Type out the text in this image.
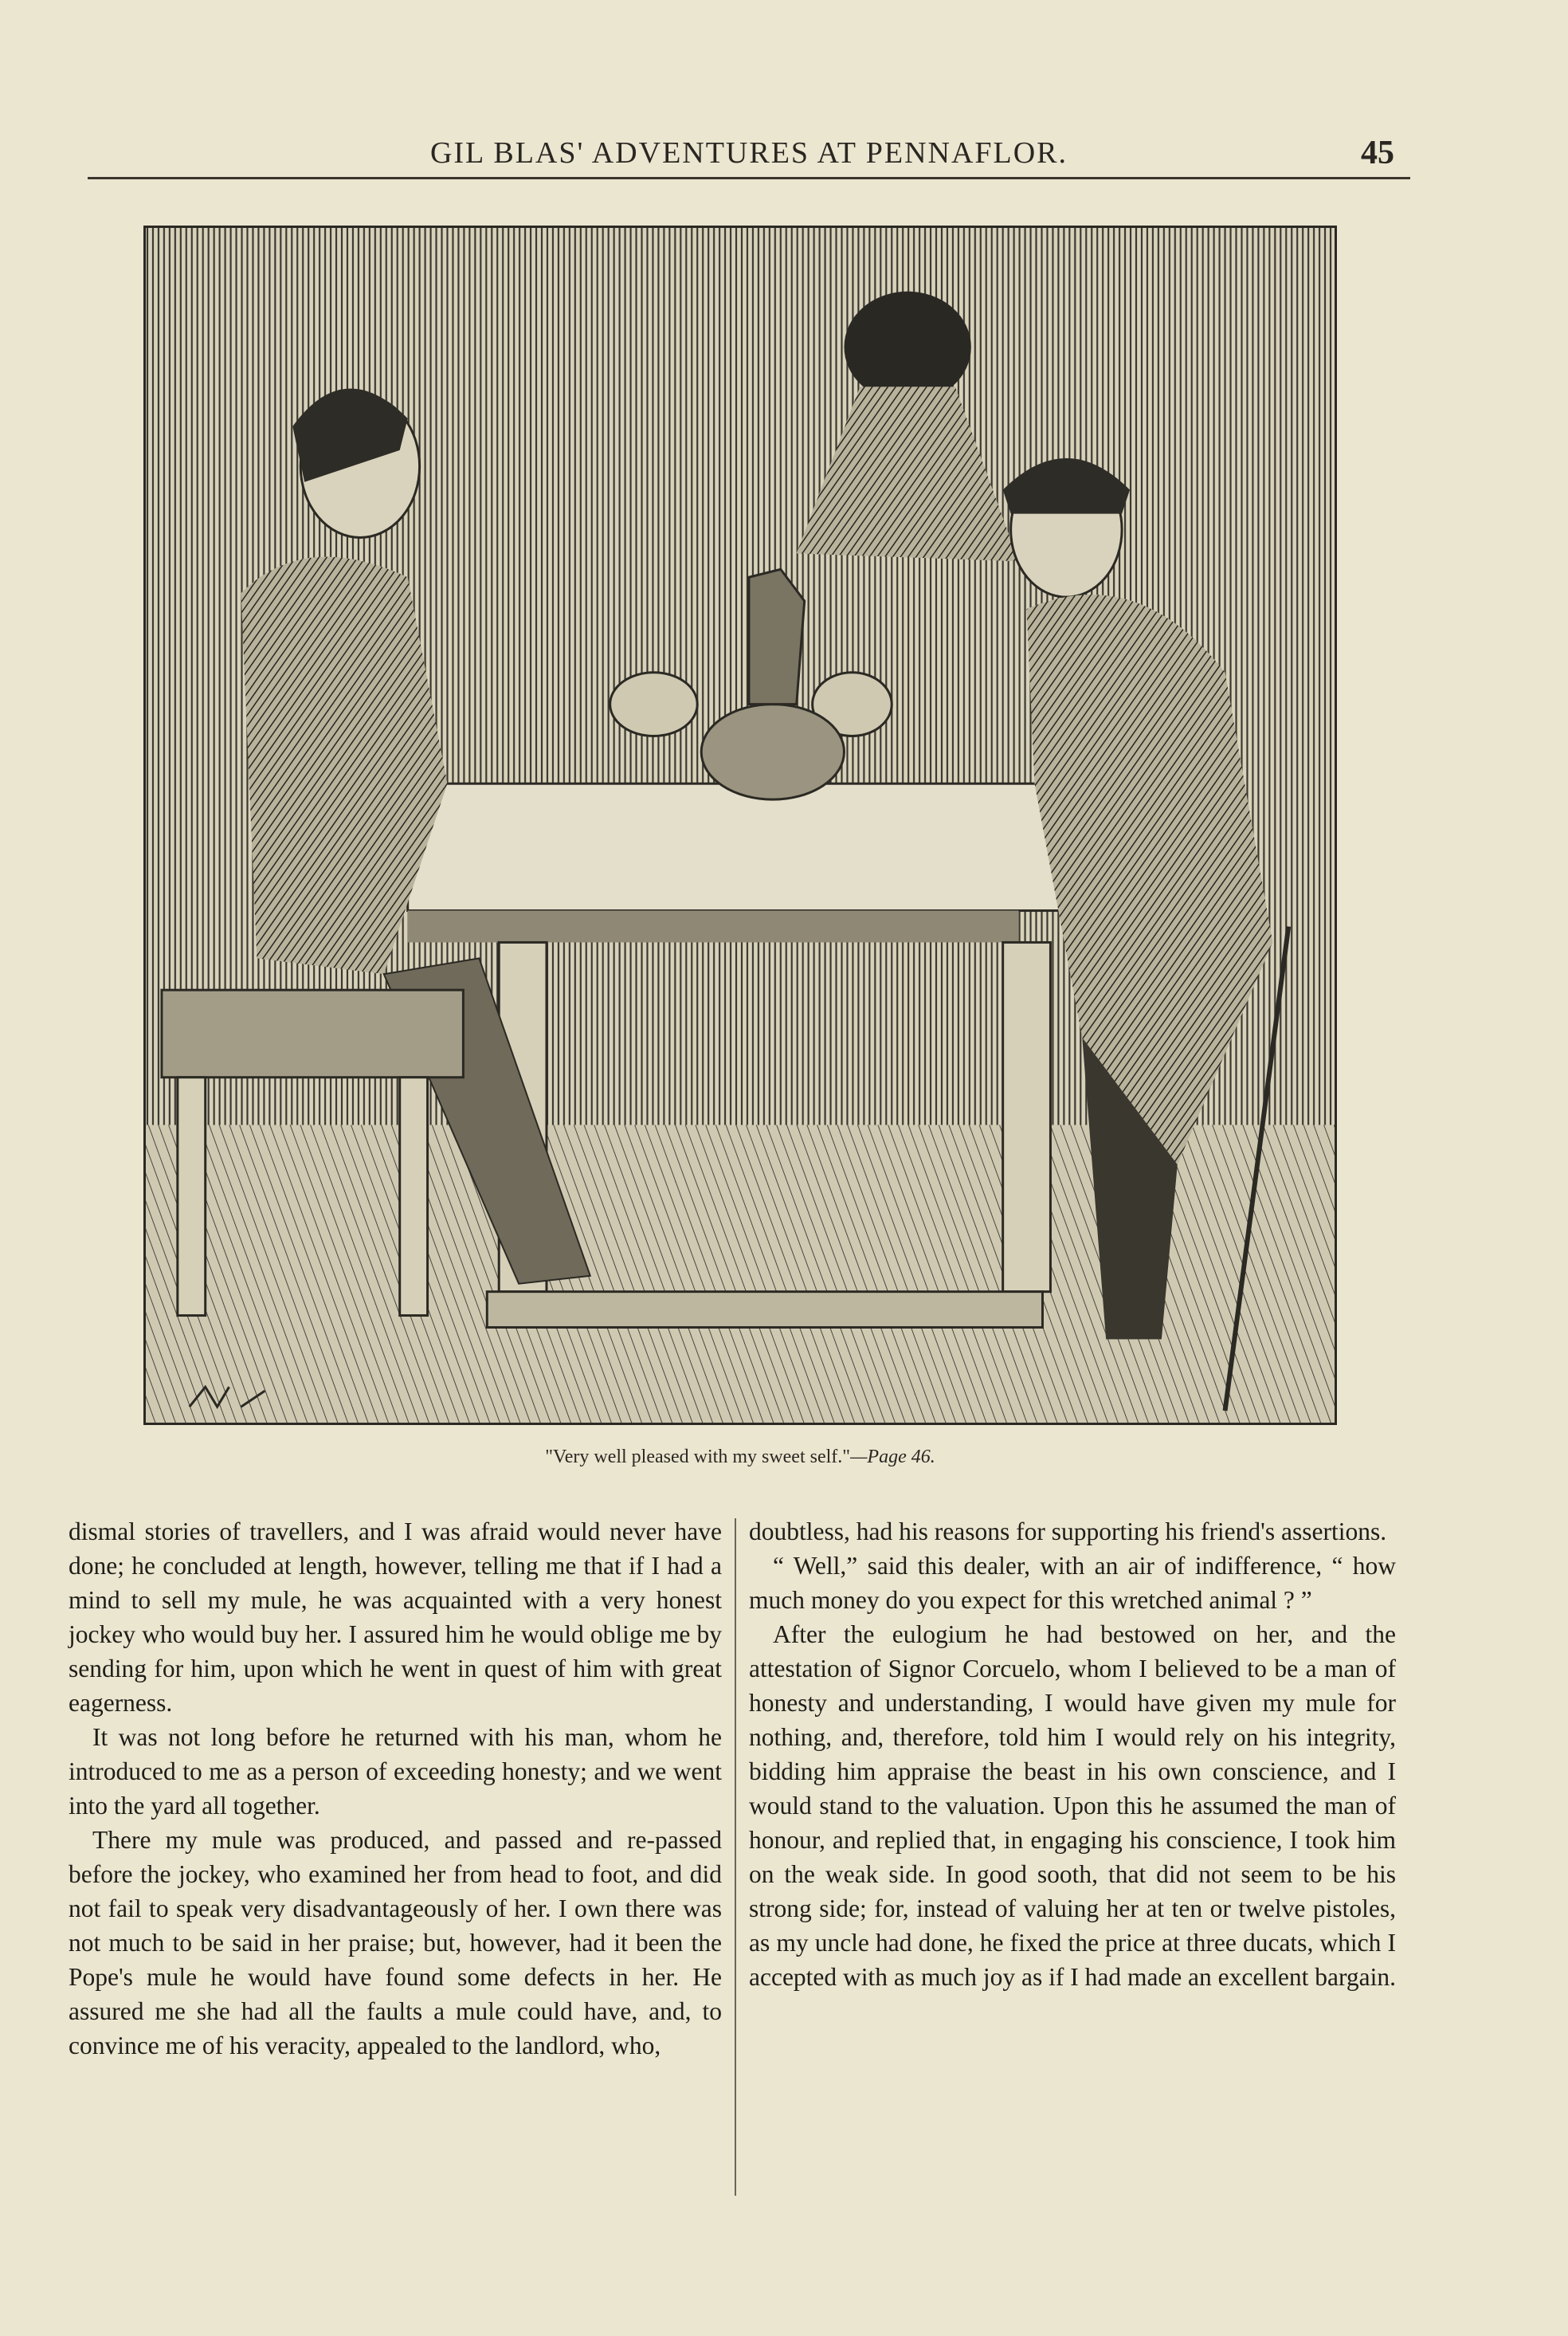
GIL BLAS' ADVENTURES AT PENNAFLOR.	45
"Very well pleased with my sweet self."—Page 46.

dismal stories of travellers, and I was afraid would never have done; he concluded at length, however, telling me that if I had a mind to sell my mule, he was acquainted with a very honest jockey who would buy her. I assured him he would oblige me by sending for him, upon which he went in quest of him with great eagerness.

It was not long before he returned with his man, whom he introduced to me as a person of exceeding honesty; and we went into the yard all together.

There my mule was produced, and passed and re-passed before the jockey, who examined her from head to foot, and did not fail to speak very disadvantageously of her. I own there was not much to be said in her praise; but, however, had it been the Pope's mule he would have found some defects in her. He assured me she had all the faults a mule could have, and, to convince me of his veracity, appealed to the landlord, who,

doubtless, had his reasons for supporting his friend's assertions.

“ Well,” said this dealer, with an air of indifference, “ how much money do you expect for this wretched animal ? ”

After the eulogium he had bestowed on her, and the attestation of Signor Corcuelo, whom I believed to be a man of honesty and understanding, I would have given my mule for nothing, and, therefore, told him I would rely on his integrity, bidding him appraise the beast in his own conscience, and I would stand to the valuation. Upon this he assumed the man of honour, and replied that, in engaging his conscience, I took him on the weak side. In good sooth, that did not seem to be his strong side; for, instead of valuing her at ten or twelve pistoles, as my uncle had done, he fixed the price at three ducats, which I accepted with as much joy as if I had made an excellent bargain.
